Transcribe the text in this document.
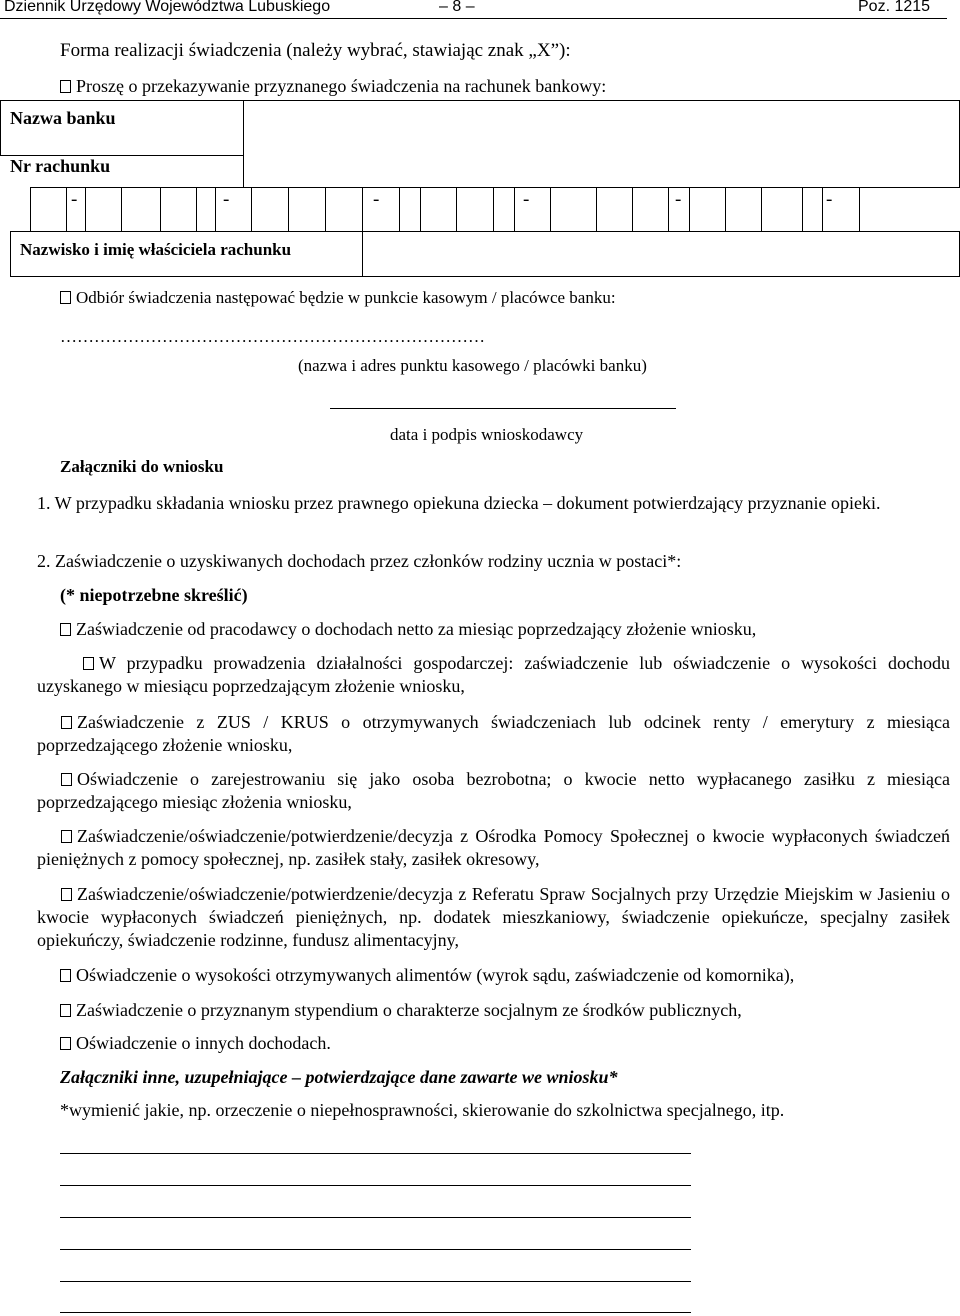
Dziennik Urzędowy Województwa Lubuskiego	– 8 –	Poz. 1215
Forma realizacji świadczenia (należy wybrać, stawiając znak „X”):
Proszę o przekazywanie przyznanego świadczenia na rachunek bankowy:
Nazwa banku
Nr rachunku
-	-	-	-	-	-
Nazwisko i imię właściciela rachunku
Odbiór świadczenia następować będzie w punkcie kasowym / placówce banku:
…………………………………………………………………
(nazwa i adres punktu kasowego / placówki banku)
data i podpis wnioskodawcy
Załączniki do wniosku
1. W przypadku składania wniosku przez prawnego opiekuna dziecka – dokument potwierdzający przyznanie opieki.
2. Zaświadczenie o uzyskiwanych dochodach przez członków rodziny ucznia w postaci*:
(* niepotrzebne skreślić)
Zaświadczenie od pracodawcy o dochodach netto za miesiąc poprzedzający złożenie wniosku,
W przypadku prowadzenia działalności gospodarczej: zaświadczenie lub oświadczenie o wysokości dochodu uzyskanego w miesiącu poprzedzającym złożenie wniosku,
Zaświadczenie z ZUS / KRUS o otrzymywanych świadczeniach lub odcinek renty / emerytury z miesiąca poprzedzającego złożenie wniosku,
Oświadczenie o zarejestrowaniu się jako osoba bezrobotna; o kwocie netto wypłacanego zasiłku z miesiąca poprzedzającego miesiąc złożenia wniosku,
Zaświadczenie/oświadczenie/potwierdzenie/decyzja z Ośrodka Pomocy Społecznej o kwocie wypłaconych świadczeń pieniężnych z pomocy społecznej, np. zasiłek stały, zasiłek okresowy,
Zaświadczenie/oświadczenie/potwierdzenie/decyzja z Referatu Spraw Socjalnych przy Urzędzie Miejskim w Jasieniu o kwocie wypłaconych świadczeń pieniężnych, np. dodatek mieszkaniowy, świadczenie opiekuńcze, specjalny zasiłek opiekuńczy, świadczenie rodzinne, fundusz alimentacyjny,
Oświadczenie o wysokości otrzymywanych alimentów (wyrok sądu, zaświadczenie od komornika),
Zaświadczenie o przyznanym stypendium o charakterze socjalnym ze środków publicznych,
Oświadczenie o innych dochodach.
Załączniki inne, uzupełniające – potwierdzające dane zawarte we wniosku*
*wymienić jakie, np. orzeczenie o niepełnosprawności, skierowanie do szkolnictwa specjalnego, itp.
